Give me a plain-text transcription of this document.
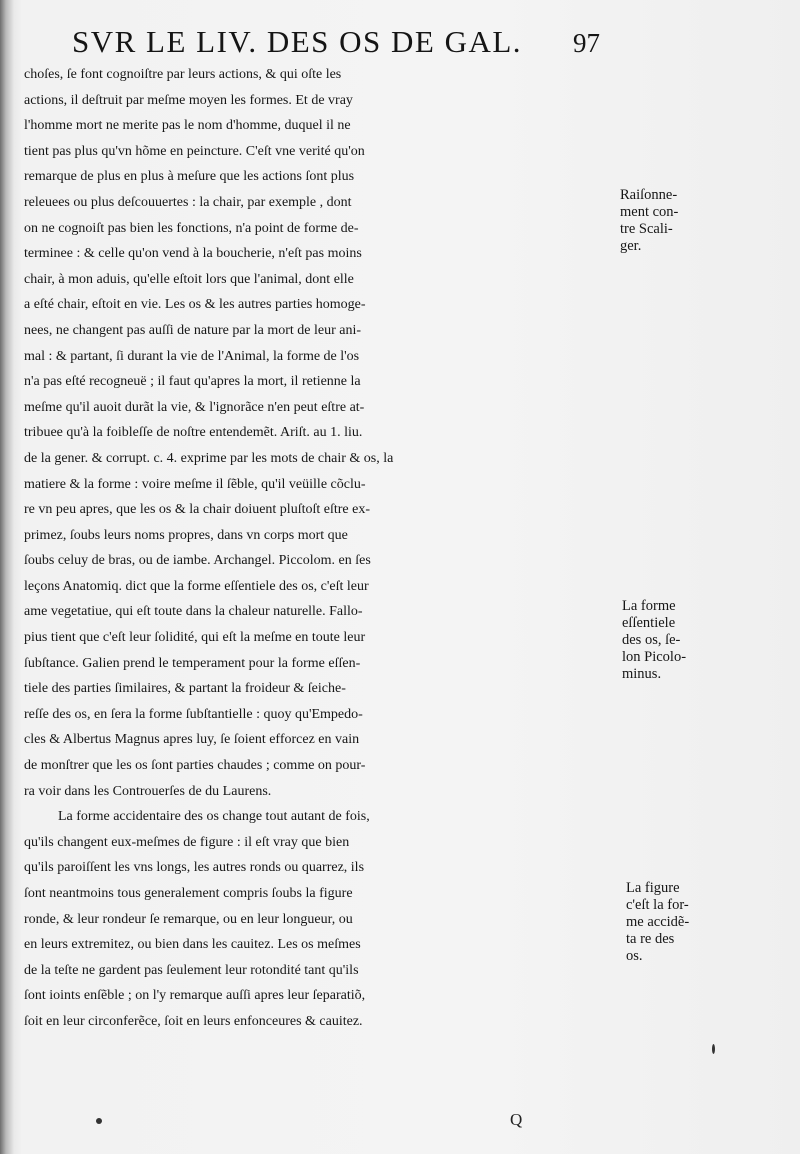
SVR LE LIV. DES OS DE GAL.	97
choſes, ſe font cognoiſtre par leurs actions, & qui oſte les
actions, il deſtruit par meſme moyen les formes. Et de vray
l'homme mort ne merite pas le nom d'homme, duquel il ne
tient pas plus qu'vn hõme en peincture. C'eſt vne verité qu'on
remarque de plus en plus à meſure que les actions ſont plus
releuees ou plus deſcouuertes : la chair, par exemple , dont
on ne cognoiſt pas bien les fonctions, n'a point de forme de-
terminee : & celle qu'on vend à la boucherie, n'eſt pas moins
chair, à mon aduis, qu'elle eſtoit lors que l'animal, dont elle
a eſté chair, eſtoit en vie. Les os & les autres parties homoge-
nees, ne changent pas auſſi de nature par la mort de leur ani-
mal : & partant, ſi durant la vie de l'Animal, la forme de l'os
n'a pas eſté recogneuë ; il faut qu'apres la mort, il retienne la
meſme qu'il auoit durãt la vie, & l'ignorãce n'en peut eſtre at-
tribuee qu'à la foibleſſe de noſtre entendemẽt. Ariſt. au 1. liu.
de la gener. & corrupt. c. 4. exprime par les mots de chair & os, la
matiere & la forme : voire meſme il ſẽble, qu'il veüille cõclu-
re vn peu apres, que les os & la chair doiuent pluſtoſt eſtre ex-
primez, ſoubs leurs noms propres, dans vn corps mort que
ſoubs celuy de bras, ou de iambe. Archangel. Piccolom. en ſes
leçons Anatomiq. dict que la forme eſſentiele des os, c'eſt leur
ame vegetatiue, qui eſt toute dans la chaleur naturelle. Fallo-
pius tient que c'eſt leur ſolidité, qui eſt la meſme en toute leur
ſubſtance. Galien prend le temperament pour la forme eſſen-
tiele des parties ſimilaires, & partant la froideur & ſeiche-
reſſe des os, en ſera la forme ſubſtantielle : quoy qu'Empedo-
cles & Albertus Magnus apres luy, ſe ſoient efforcez en vain
de monſtrer que les os ſont parties chaudes ; comme on pour-
ra voir dans les Controuerſes de du Laurens.
La forme accidentaire des os change tout autant de fois,
qu'ils changent eux-meſmes de figure : il eſt vray que bien
qu'ils paroiſſent les vns longs, les autres ronds ou quarrez, ils
ſont neantmoins tous generalement compris ſoubs la figure
ronde, & leur rondeur ſe remarque, ou en leur longueur, ou
en leurs extremitez, ou bien dans les cauitez. Les os meſmes
de la teſte ne gardent pas ſeulement leur rotondité tant qu'ils
ſont ioints enſẽble ; on l'y remarque auſſi apres leur ſeparatiõ,
ſoit en leur circonferẽce, ſoit en leurs enfonceures & cauitez.
Raiſonne-
ment con-
tre Scali-
ger.
La forme
eſſentiele
des os, ſe-
lon Picolo-
minus.
La figure
c'eſt la for-
me accidẽ-
ta re des
os.
Q
